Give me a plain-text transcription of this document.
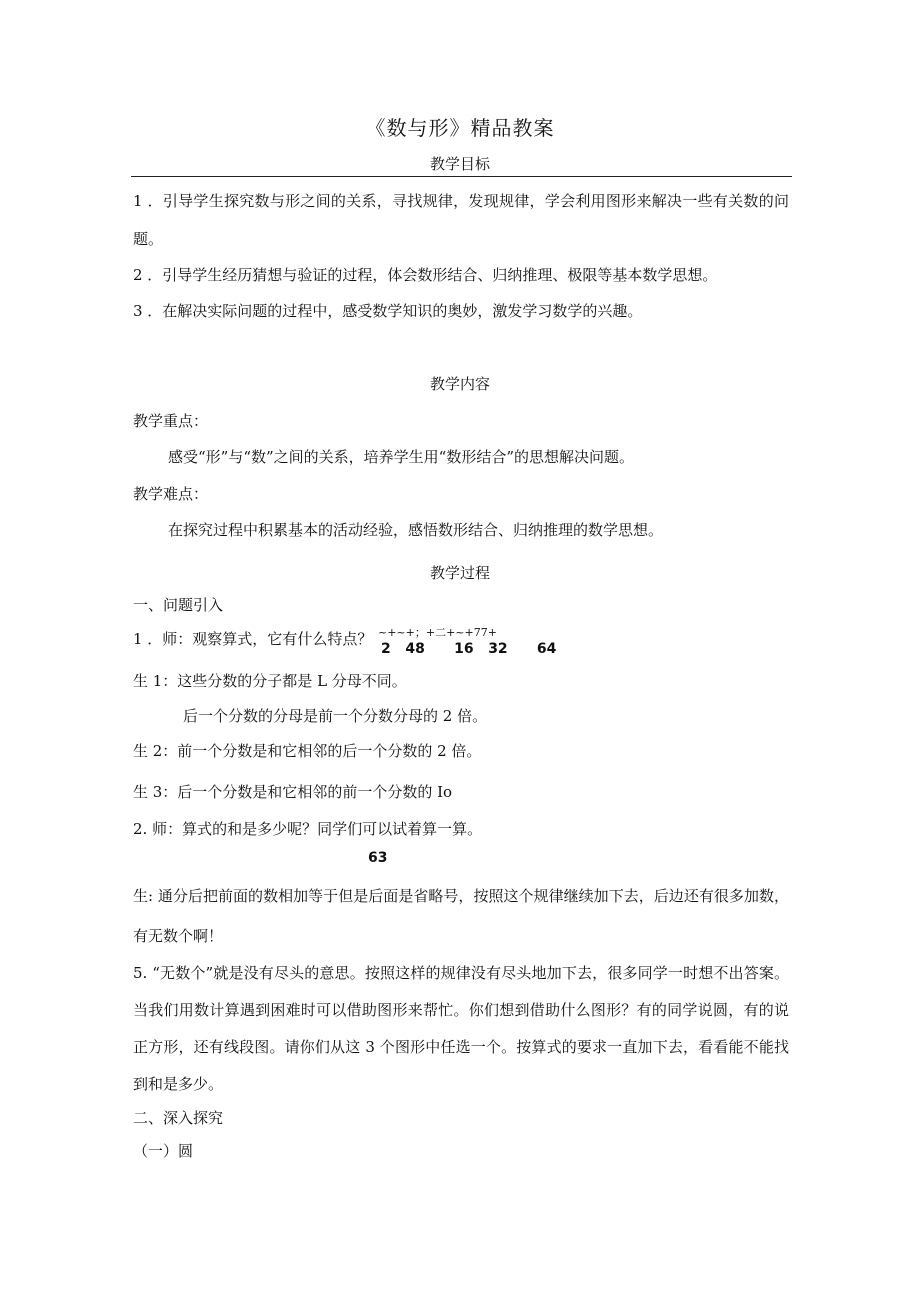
《数与形》精品教案
教学目标
1 ．引导学生探究数与形之间的关系，寻找规律，发现规律，学会利用图形来解决一些有关数的问
题。
2 ．引导学生经历猜想与验证的过程，体会数形结合、归纳推理、极限等基本数学思想。
3 ．在解决实际问题的过程中，感受数学知识的奥妙，激发学习数学的兴趣。
教学内容
教学重点：
感受“形”与“数”之间的关系，培养学生用“数形结合”的思想解决问题。
教学难点：
在探究过程中积累基本的活动经验，感悟数形结合、归纳推理的数学思想。
教学过程
一、问题引入
1 ．师：观察算式，它有什么特点？ ~+~+；+二+~+77+
2   48      16   32      64
生 1：这些分数的分子都是 L 分母不同。
后一个分数的分母是前一个分数分母的 2 倍。
生 2：前一个分数是和它相邻的后一个分数的 2 倍。
生 3：后一个分数是和它相邻的前一个分数的 Io
2. 师：算式的和是多少呢？同学们可以试着算一算。
63
生: 通分后把前面的数相加等于但是后面是省略号，按照这个规律继续加下去，后边还有很多加数，
有无数个啊！
5. “无数个”就是没有尽头的意思。按照这样的规律没有尽头地加下去，很多同学一时想不出答案。
当我们用数计算遇到困难时可以借助图形来帮忙。你们想到借助什么图形？有的同学说圆，有的说
正方形，还有线段图。请你们从这 3 个图形中任选一个。按算式的要求一直加下去，看看能不能找
到和是多少。
二、深入探究
（一）圆
